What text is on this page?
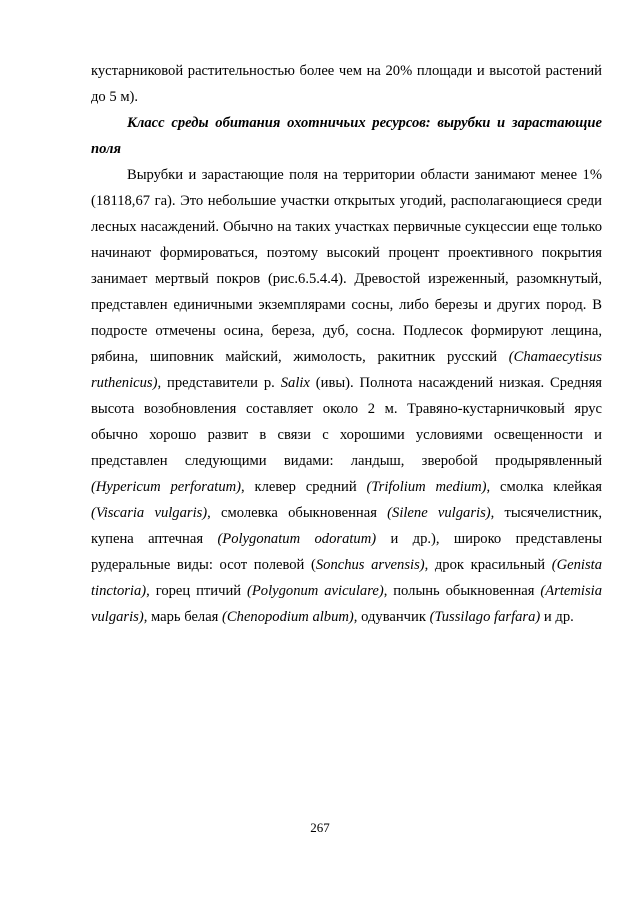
кустарниковой растительностью более чем на 20% площади и высотой растений до 5 м).

Класс среды обитания охотничьих ресурсов: вырубки и зарастающие поля

Вырубки и зарастающие поля на территории области занимают менее 1% (18118,67 га). Это небольшие участки открытых угодий, располагающиеся среди лесных насаждений. Обычно на таких участках первичные сукцессии еще только начинают формироваться, поэтому высокий процент проективного покрытия занимает мертвый покров (рис.6.5.4.4). Древостой изреженный, разомкнутый, представлен единичными экземплярами сосны, либо березы и других пород. В подросте отмечены осина, береза, дуб, сосна. Подлесок формируют лещина, рябина, шиповник майский, жимолость, ракитник русский (Chamaecytisus ruthenicus), представители р. Salix (ивы). Полнота насаждений низкая. Средняя высота возобновления составляет около 2 м. Травяно-кустарничковый ярус обычно хорошо развит в связи с хорошими условиями освещенности и представлен следующими видами: ландыш, зверобой продырявленный (Hypericum perforatum), клевер средний (Trifolium medium), смолка клейкая (Viscaria vulgaris), смолевка обыкновенная (Silene vulgaris), тысячелистник, купена аптечная (Polygonatum odoratum) и др.), широко представлены рудеральные виды: осот полевой (Sonchus arvensis), дрок красильный (Genista tinctoria), горец птичий (Polygonum aviculare), полынь обыкновенная (Artemisia vulgaris), марь белая (Chenopodium album), одуванчик (Tussilago farfara) и др.

267
